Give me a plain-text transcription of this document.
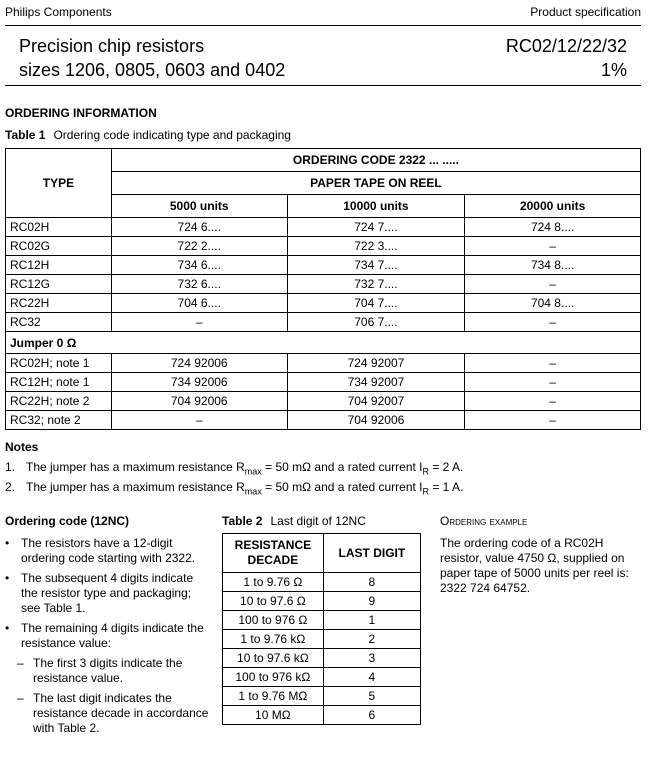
Philips Components	Product specification
Precision chip resistors
sizes 1206, 0805, 0603 and 0402
RC02/12/22/32
1%
ORDERING INFORMATION
Table 1 Ordering code indicating type and packaging
TYPE	ORDERING CODE 2322 ... .....		
	PAPER TAPE ON REEL		
	5000 units	10000 units	20000 units
RC02H	724 6....	724 7....	724 8....
RC02G	722 2....	722 3....	–
RC12H	734 6....	734 7....	734 8....
RC12G	732 6....	732 7....	–
RC22H	704 6....	704 7....	704 8....
RC32	–	706 7....	–
Jumper 0 Ω			
RC02H; note 1	724 92006	724 92007	–
RC12H; note 1	734 92006	734 92007	–
RC22H; note 2	704 92006	704 92007	–
RC32; note 2	–	704 92006	–
Notes
1. The jumper has a maximum resistance $R_{max} = 50$ mΩ and a rated current $I_R = 2$ A.
2. The jumper has a maximum resistance $R_{max} = 50$ mΩ and a rated current $I_R = 1$ A.
Ordering code (12NC)
• The resistors have a 12-digit ordering code starting with 2322.
• The subsequent 4 digits indicate the resistor type and packaging; see Table 1.
• The remaining 4 digits indicate the resistance value:
– The first 3 digits indicate the resistance value.
– The last digit indicates the resistance decade in accordance with Table 2.
Table 2 Last digit of 12NC
RESISTANCE DECADE	LAST DIGIT
1 to 9.76 Ω	8
10 to 97.6 Ω	9
100 to 976 Ω	1
1 to 9.76 kΩ	2
10 to 97.6 kΩ	3
100 to 976 kΩ	4
1 to 9.76 MΩ	5
10 MΩ	6
Ordering example
The ordering code of a RC02H resistor, value 4750 Ω, supplied on paper tape of 5000 units per reel is: 2322 724 64752.
